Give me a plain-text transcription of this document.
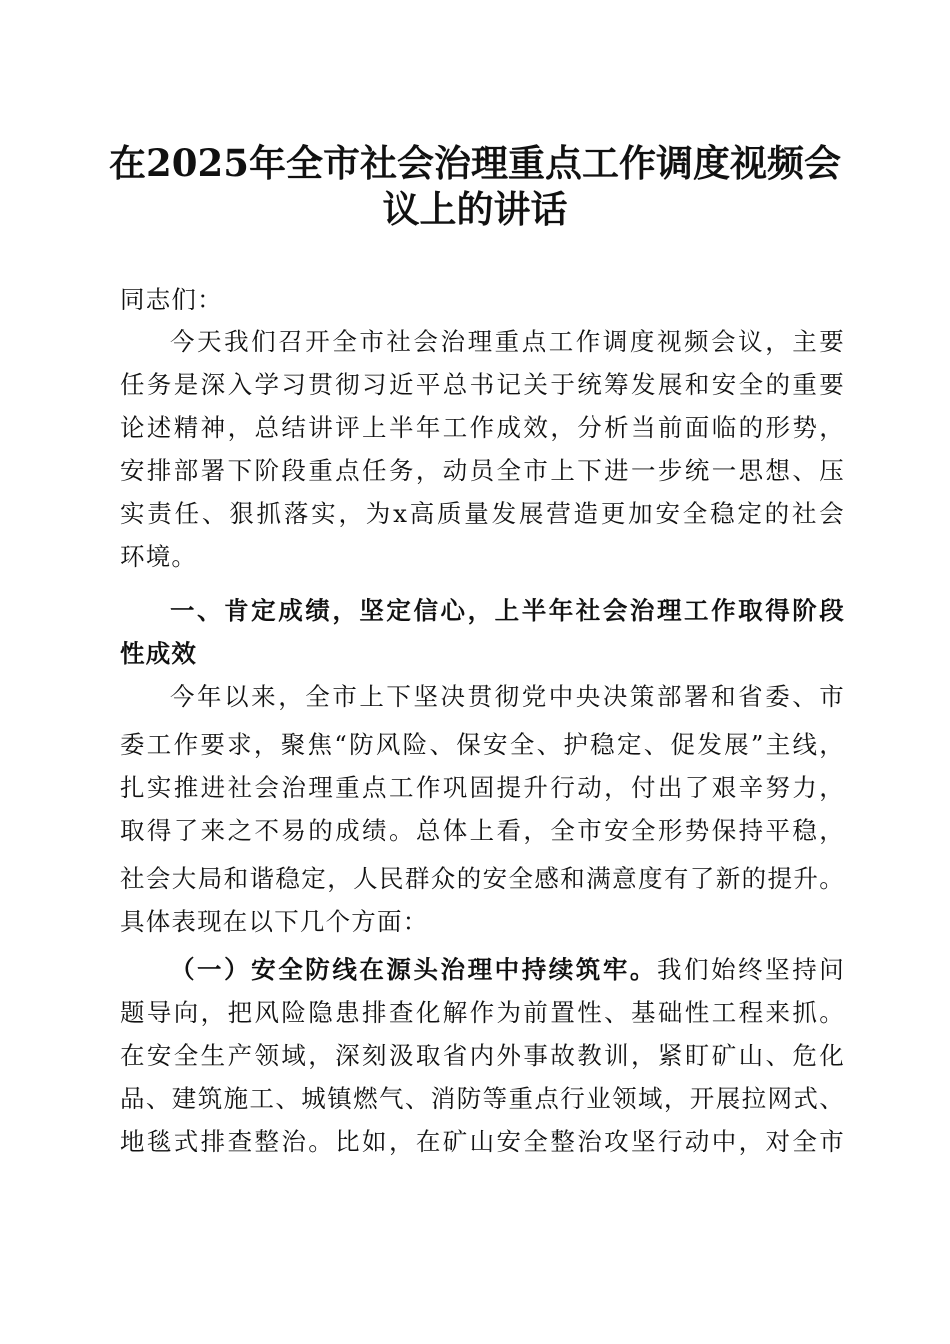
在2025年全市社会治理重点工作调度视频会
议上的讲话

同志们：

今天我们召开全市社会治理重点工作调度视频会议，主要

任务是深入学习贯彻习近平总书记关于统筹发展和安全的重要

论述精神，总结讲评上半年工作成效，分析当前面临的形势，

安排部署下阶段重点任务，动员全市上下进一步统一思想、压

实责任、狠抓落实，为x高质量发展营造更加安全稳定的社会

环境。

一、肯定成绩，坚定信心，上半年社会治理工作取得阶段

性成效

今年以来，全市上下坚决贯彻党中央决策部署和省委、市

委工作要求，聚焦“防风险、保安全、护稳定、促发展”主线，

扎实推进社会治理重点工作巩固提升行动，付出了艰辛努力，

取得了来之不易的成绩。总体上看，全市安全形势保持平稳，

社会大局和谐稳定，人民群众的安全感和满意度有了新的提升。

具体表现在以下几个方面：

（一）安全防线在源头治理中持续筑牢。我们始终坚持问

题导向，把风险隐患排查化解作为前置性、基础性工程来抓。

在安全生产领域，深刻汲取省内外事故教训，紧盯矿山、危化

品、建筑施工、城镇燃气、消防等重点行业领域，开展拉网式、

地毯式排查整治。比如，在矿山安全整治攻坚行动中，对全市
